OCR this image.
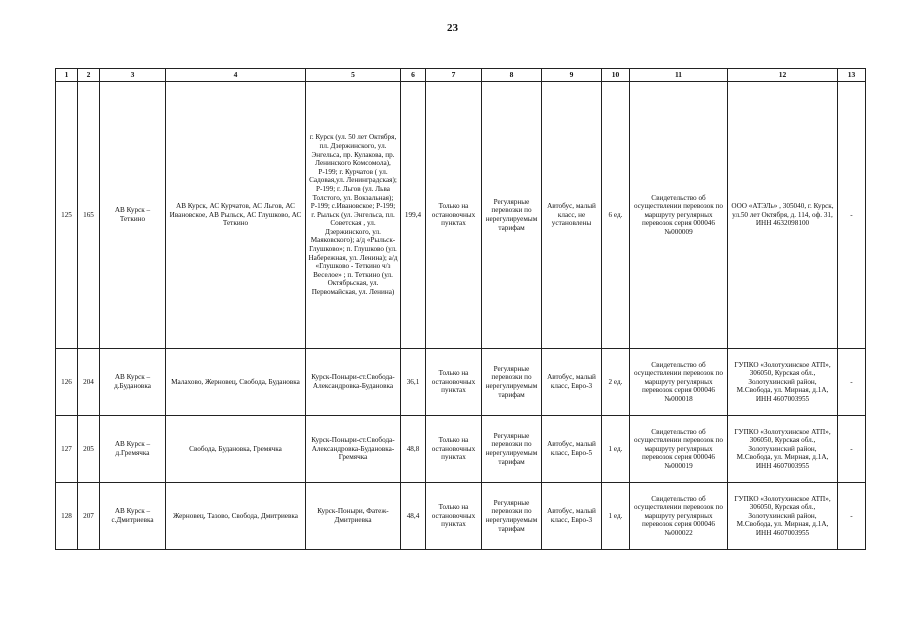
23
1	2	3	4	5	6	7	8	9	10	11	12	13
125	165	АВ Курск – Теткино	АВ Курск, АС Курчатов, АС Льгов, АС Ивановское, АВ Рыльск, АС Глушково, АС Теткино	г. Курск (ул. 50 лет Октября, пл. Дзержинского, ул. Энгельса, пр. Кулакова, пр. Ленинского Комсомола), Р-199; г. Курчатов ( ул. Садовая,ул. Ленинградская); Р-199; г. Льгов (ул. Льва Толстого, ул. Вокзальная); Р-199; с.Ивановское; Р-199; г. Рыльск (ул. Энгельса, пл. Советская , ул. Дзержинского, ул. Маяковского); а/д «Рыльск-Глушково»; п. Глушково (ул. Набережная, ул. Ленина); а/д «Глушково - Теткино ч/з Веселое» ; п. Теткино (ул. Октябрьская, ул. Первомайская, ул. Ленина)	199,4	Только на остановочных пунктах	Регулярные перевозки по нерегулируемым тарифам	Автобус, малый класс, не установлены	6 ед.	Свидетельство об осуществлении перевозок по маршруту регулярных перевозок серия 000046 №000009	ООО «АТЭЛь» , 305040, г. Курск, ул.50 лет Октября, д. 114, оф. 31, ИНН 4632098100	-
126	204	АВ Курск – д.Будановка	Малахово, Жерновец, Свобода, Будановка	Курск-Поныри-ст.Свобода-Александровка-Будановка	36,1	Только на остановочных пунктах	Регулярные перевозки по нерегулируемым тарифам	Автобус, малый класс, Евро-3	2 ед.	Свидетельство об осуществлении перевозок по маршруту регулярных перевозок серия 000046 №000018	ГУПКО «Золотухинское АТП», 306050, Курская обл., Золотухинский район, М.Свобода, ул. Мирная, д.1А, ИНН 4607003955	-
127	205	АВ Курск – д.Гремячка	Свобода, Будановка, Гремячка	Курск-Поныри-ст.Свобода-Александровка-Будановка-Гремячка	48,8	Только на остановочных пунктах	Регулярные перевозки по нерегулируемым тарифам	Автобус, малый класс, Евро-5	1 ед.	Свидетельство об осуществлении перевозок по маршруту регулярных перевозок серия 000046 №000019	ГУПКО «Золотухинское АТП», 306050, Курская обл., Золотухинский район, М.Свобода, ул. Мирная, д.1А, ИНН 4607003955	-
128	207	АВ Курск – с.Дмитриевка	Жерновец, Тазово, Свобода, Дмитриевка	Курск-Поныри, Фатеж-Дмитриевка	48,4	Только на остановочных пунктах	Регулярные перевозки по нерегулируемым тарифам	Автобус, малый класс, Евро-3	1 ед.	Свидетельство об осуществлении перевозок по маршруту регулярных перевозок серия 000046 №000022	ГУПКО «Золотухинское АТП», 306050, Курская обл., Золотухинский район, М.Свобода, ул. Мирная, д.1А, ИНН 4607003955	-
